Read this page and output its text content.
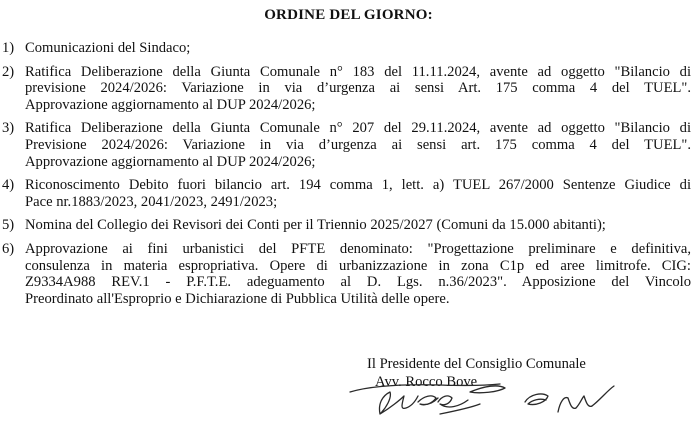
ORDINE DEL GIORNO:
1) Comunicazioni del Sindaco;
2) Ratifica Deliberazione della Giunta Comunale n° 183 del 11.11.2024, avente ad oggetto "Bilancio di
previsione 2024/2026: Variazione in via d’urgenza ai sensi Art. 175 comma 4 del TUEL".
Approvazione aggiornamento al DUP 2024/2026;
3) Ratifica Deliberazione della Giunta Comunale n° 207 del 29.11.2024, avente ad oggetto "Bilancio di
Previsione 2024/2026: Variazione in via d’urgenza ai sensi art. 175 comma 4 del TUEL".
Approvazione aggiornamento al DUP 2024/2026;
4) Riconoscimento Debito fuori bilancio art. 194 comma 1, lett. a) TUEL 267/2000 Sentenze Giudice di
Pace nr.1883/2023, 2041/2023, 2491/2023;
5) Nomina del Collegio dei Revisori dei Conti per il Triennio 2025/2027 (Comuni da 15.000 abitanti);
6) Approvazione ai fini urbanistici del PFTE denominato: "Progettazione preliminare e definitiva,
consulenza in materia espropriativa. Opere di urbanizzazione in zona C1p ed aree limitrofe. CIG:
Z9334A988 REV.1 - P.F.T.E. adeguamento al D. Lgs. n.36/2023". Apposizione del Vincolo
Preordinato all'Esproprio e Dichiarazione di Pubblica Utilità delle opere.
Il Presidente del Consiglio Comunale
Avv. Rocco Bove
